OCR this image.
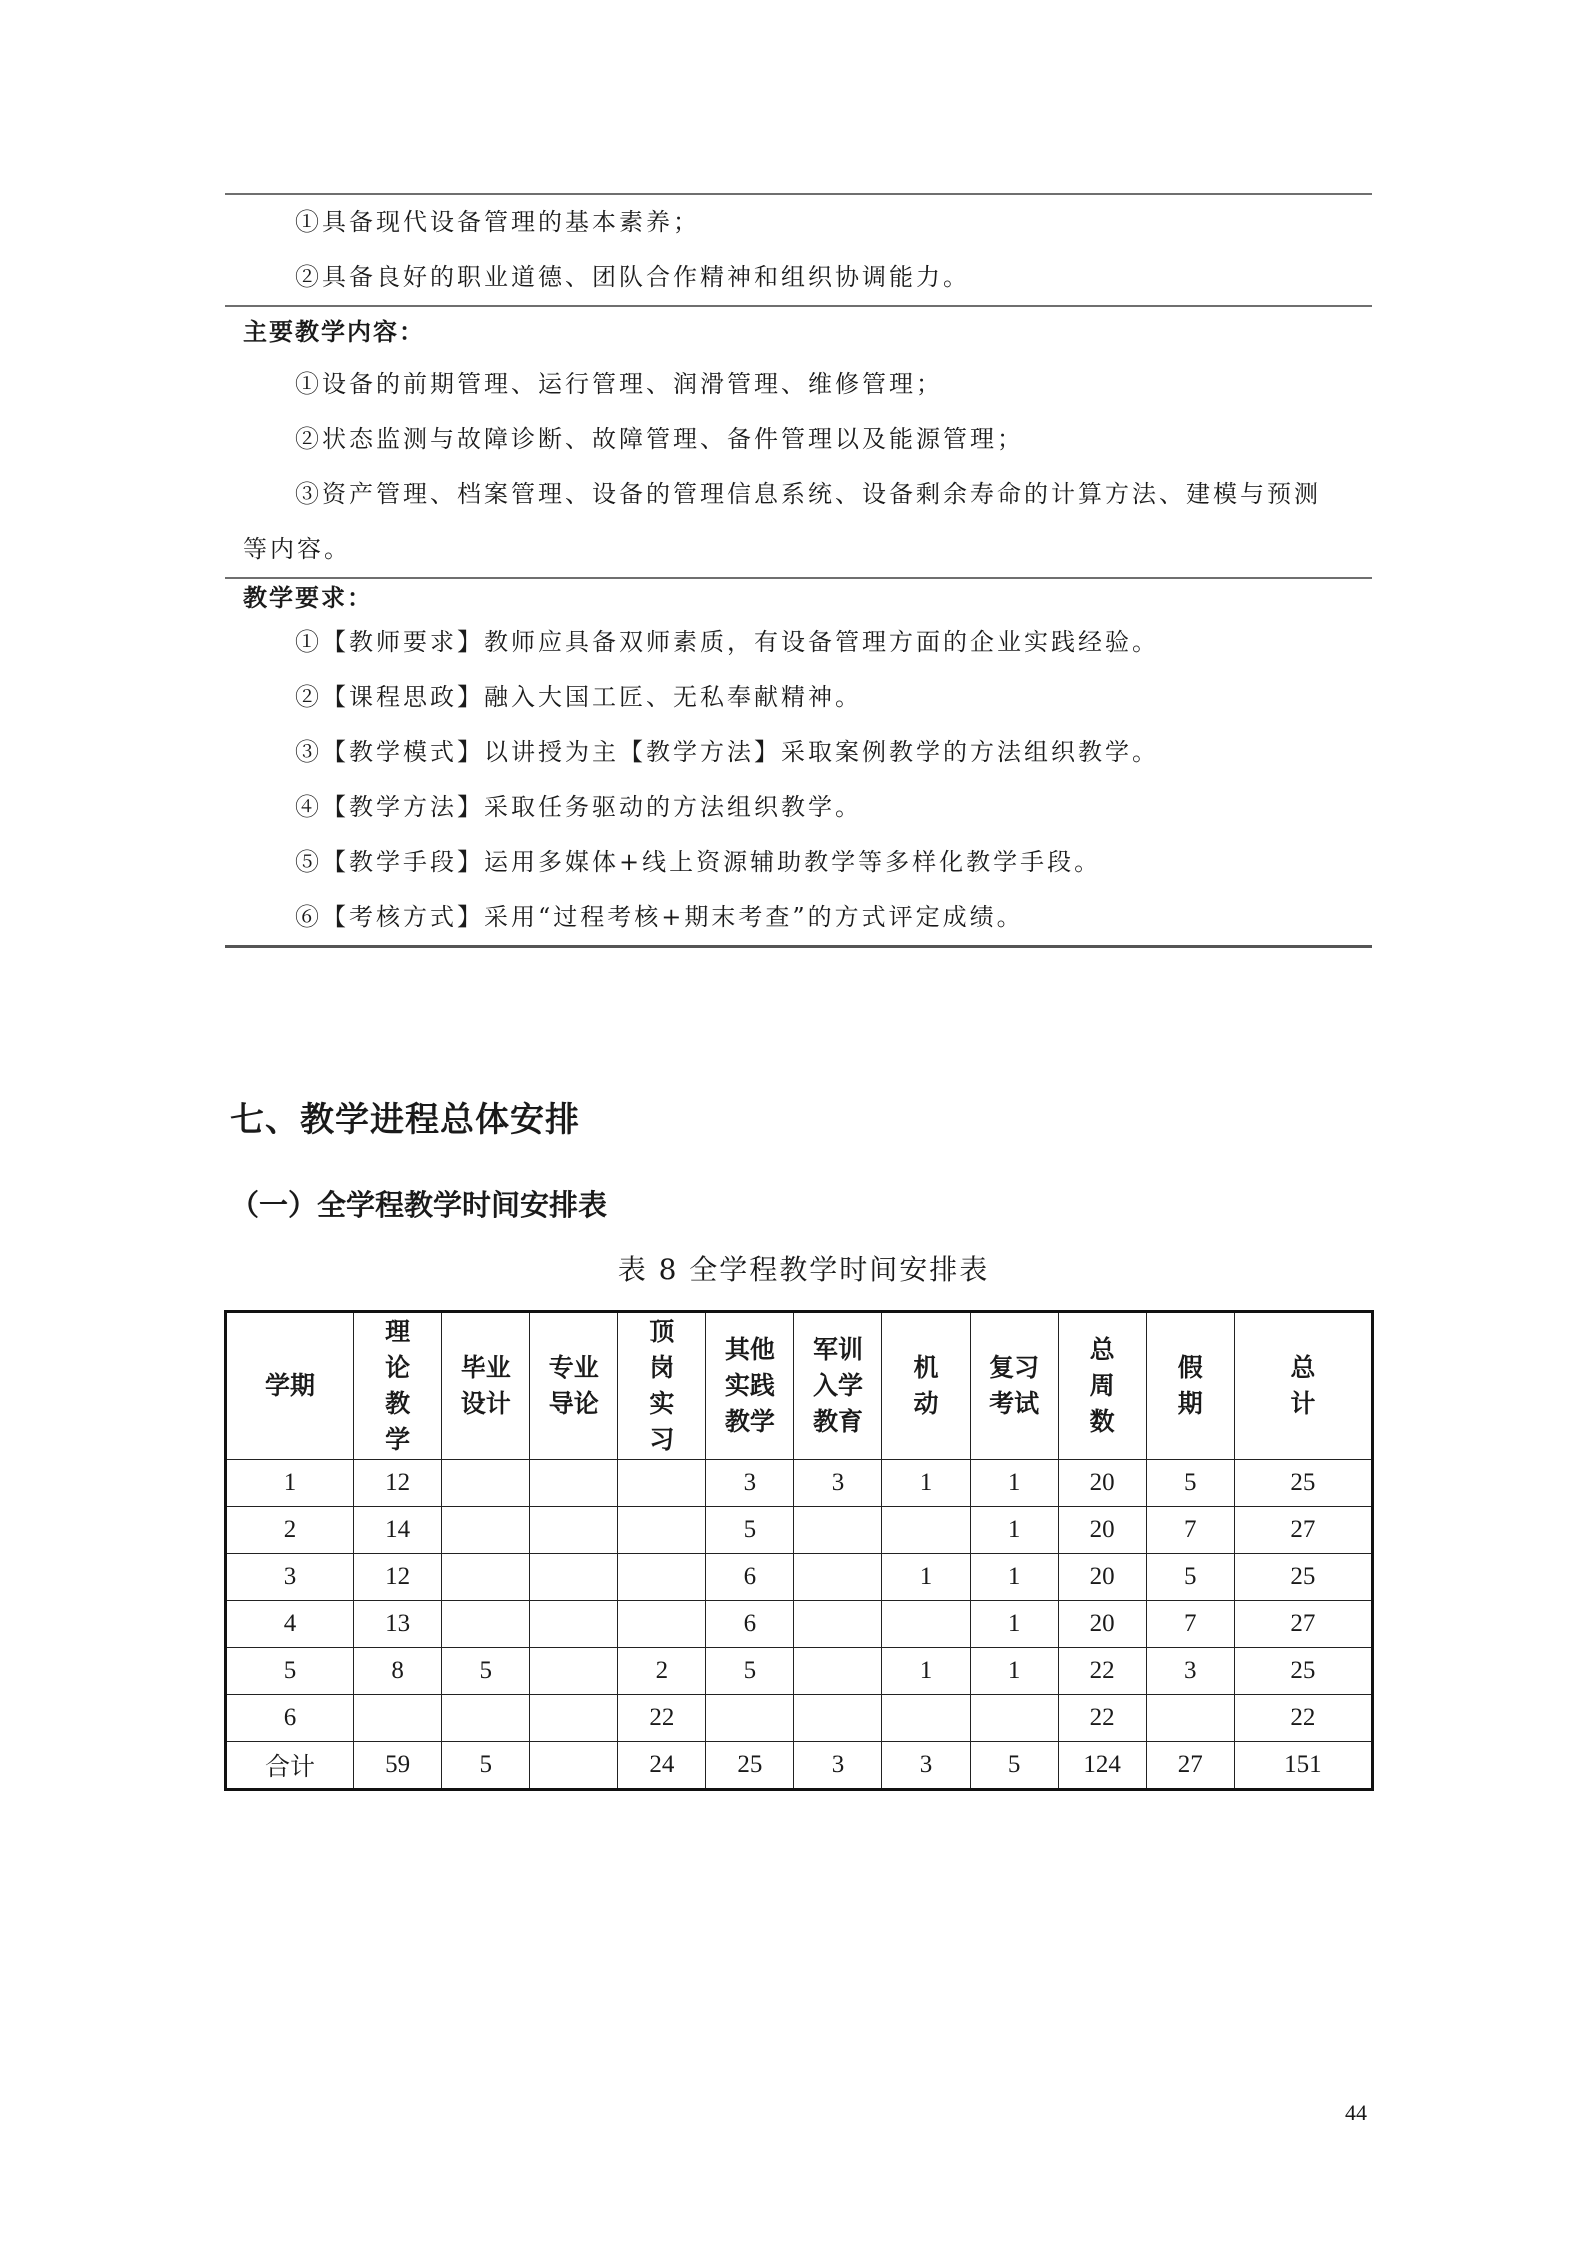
①具备现代设备管理的基本素养；
②具备良好的职业道德、团队合作精神和组织协调能力。
主要教学内容：
①设备的前期管理、运行管理、润滑管理、维修管理；
②状态监测与故障诊断、故障管理、备件管理以及能源管理；
③资产管理、档案管理、设备的管理信息系统、设备剩余寿命的计算方法、建模与预测
等内容。
教学要求：
①【教师要求】教师应具备双师素质，有设备管理方面的企业实践经验。
②【课程思政】融入大国工匠、无私奉献精神。
③【教学模式】以讲授为主【教学方法】采取案例教学的方法组织教学。
④【教学方法】采取任务驱动的方法组织教学。
⑤【教学手段】运用多媒体+线上资源辅助教学等多样化教学手段。
⑥【考核方式】采用“过程考核+期末考查”的方式评定成绩。
七、教学进程总体安排
（一）全学程教学时间安排表
表 8 全学程教学时间安排表
学期	理
论
教
学	毕业
设计	专业
导论	顶
岗
实
习	其他
实践
教学	军训
入学
教育	机
动	复习
考试	总
周
数	假
期	总
计
1	12				3	3	1	1	20	5	25
2	14				5			1	20	7	27
3	12				6		1	1	20	5	25
4	13				6			1	20	7	27
5	8	5		2	5		1	1	22	3	25
6				22					22		22
合计	59	5		24	25	3	3	5	124	27	151
44
